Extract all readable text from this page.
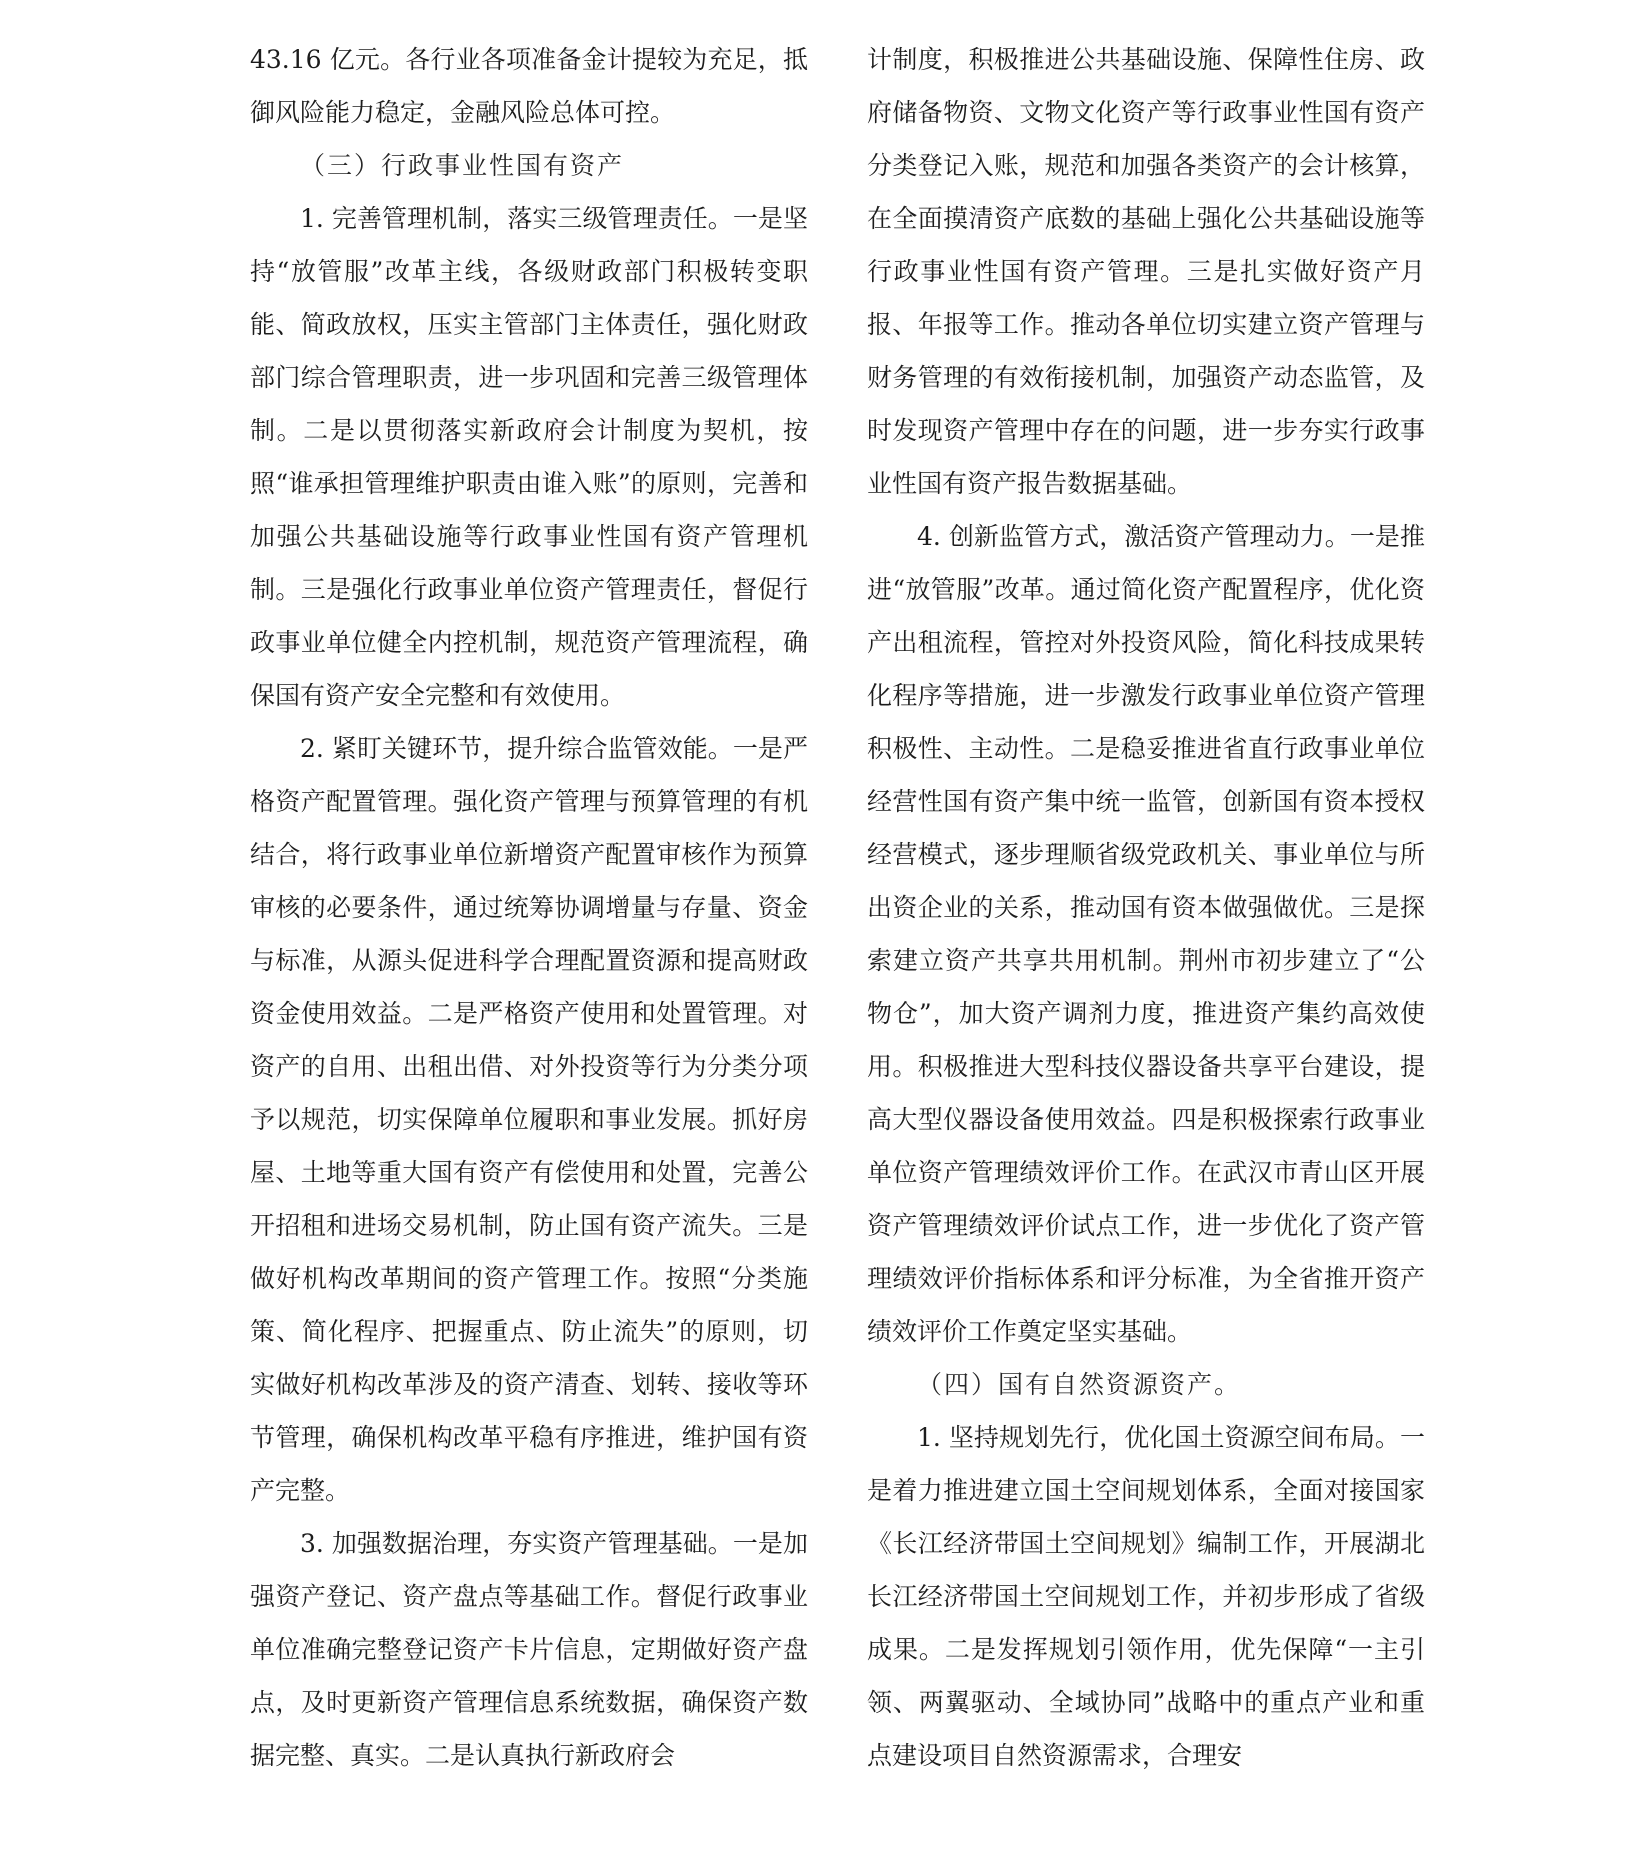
43.16 亿元。各行业各项准备金计提较为充足，抵御风险能力稳定，金融风险总体可控。

（三）行政事业性国有资产

1. 完善管理机制，落实三级管理责任。一是坚持“放管服”改革主线，各级财政部门积极转变职能、简政放权，压实主管部门主体责任，强化财政部门综合管理职责，进一步巩固和完善三级管理体制。二是以贯彻落实新政府会计制度为契机，按照“谁承担管理维护职责由谁入账”的原则，完善和加强公共基础设施等行政事业性国有资产管理机制。三是强化行政事业单位资产管理责任，督促行政事业单位健全内控机制，规范资产管理流程，确保国有资产安全完整和有效使用。

2. 紧盯关键环节，提升综合监管效能。一是严格资产配置管理。强化资产管理与预算管理的有机结合，将行政事业单位新增资产配置审核作为预算审核的必要条件，通过统筹协调增量与存量、资金与标准，从源头促进科学合理配置资源和提高财政资金使用效益。二是严格资产使用和处置管理。对资产的自用、出租出借、对外投资等行为分类分项予以规范，切实保障单位履职和事业发展。抓好房屋、土地等重大国有资产有偿使用和处置，完善公开招租和进场交易机制，防止国有资产流失。三是做好机构改革期间的资产管理工作。按照“分类施策、简化程序、把握重点、防止流失”的原则，切实做好机构改革涉及的资产清查、划转、接收等环节管理，确保机构改革平稳有序推进，维护国有资产完整。

3. 加强数据治理，夯实资产管理基础。一是加强资产登记、资产盘点等基础工作。督促行政事业单位准确完整登记资产卡片信息，定期做好资产盘点，及时更新资产管理信息系统数据，确保资产数据完整、真实。二是认真执行新政府会

计制度，积极推进公共基础设施、保障性住房、政府储备物资、文物文化资产等行政事业性国有资产分类登记入账，规范和加强各类资产的会计核算，在全面摸清资产底数的基础上强化公共基础设施等行政事业性国有资产管理。三是扎实做好资产月报、年报等工作。推动各单位切实建立资产管理与财务管理的有效衔接机制，加强资产动态监管，及时发现资产管理中存在的问题，进一步夯实行政事业性国有资产报告数据基础。

4. 创新监管方式，激活资产管理动力。一是推进“放管服”改革。通过简化资产配置程序，优化资产出租流程，管控对外投资风险，简化科技成果转化程序等措施，进一步激发行政事业单位资产管理积极性、主动性。二是稳妥推进省直行政事业单位经营性国有资产集中统一监管，创新国有资本授权经营模式，逐步理顺省级党政机关、事业单位与所出资企业的关系，推动国有资本做强做优。三是探索建立资产共享共用机制。荆州市初步建立了“公物仓”，加大资产调剂力度，推进资产集约高效使用。积极推进大型科技仪器设备共享平台建设，提高大型仪器设备使用效益。四是积极探索行政事业单位资产管理绩效评价工作。在武汉市青山区开展资产管理绩效评价试点工作，进一步优化了资产管理绩效评价指标体系和评分标准，为全省推开资产绩效评价工作奠定坚实基础。

（四）国有自然资源资产。

1. 坚持规划先行，优化国土资源空间布局。一是着力推进建立国土空间规划体系，全面对接国家《长江经济带国土空间规划》编制工作，开展湖北长江经济带国土空间规划工作，并初步形成了省级成果。二是发挥规划引领作用，优先保障“一主引领、两翼驱动、全域协同”战略中的重点产业和重点建设项目自然资源需求，合理安
